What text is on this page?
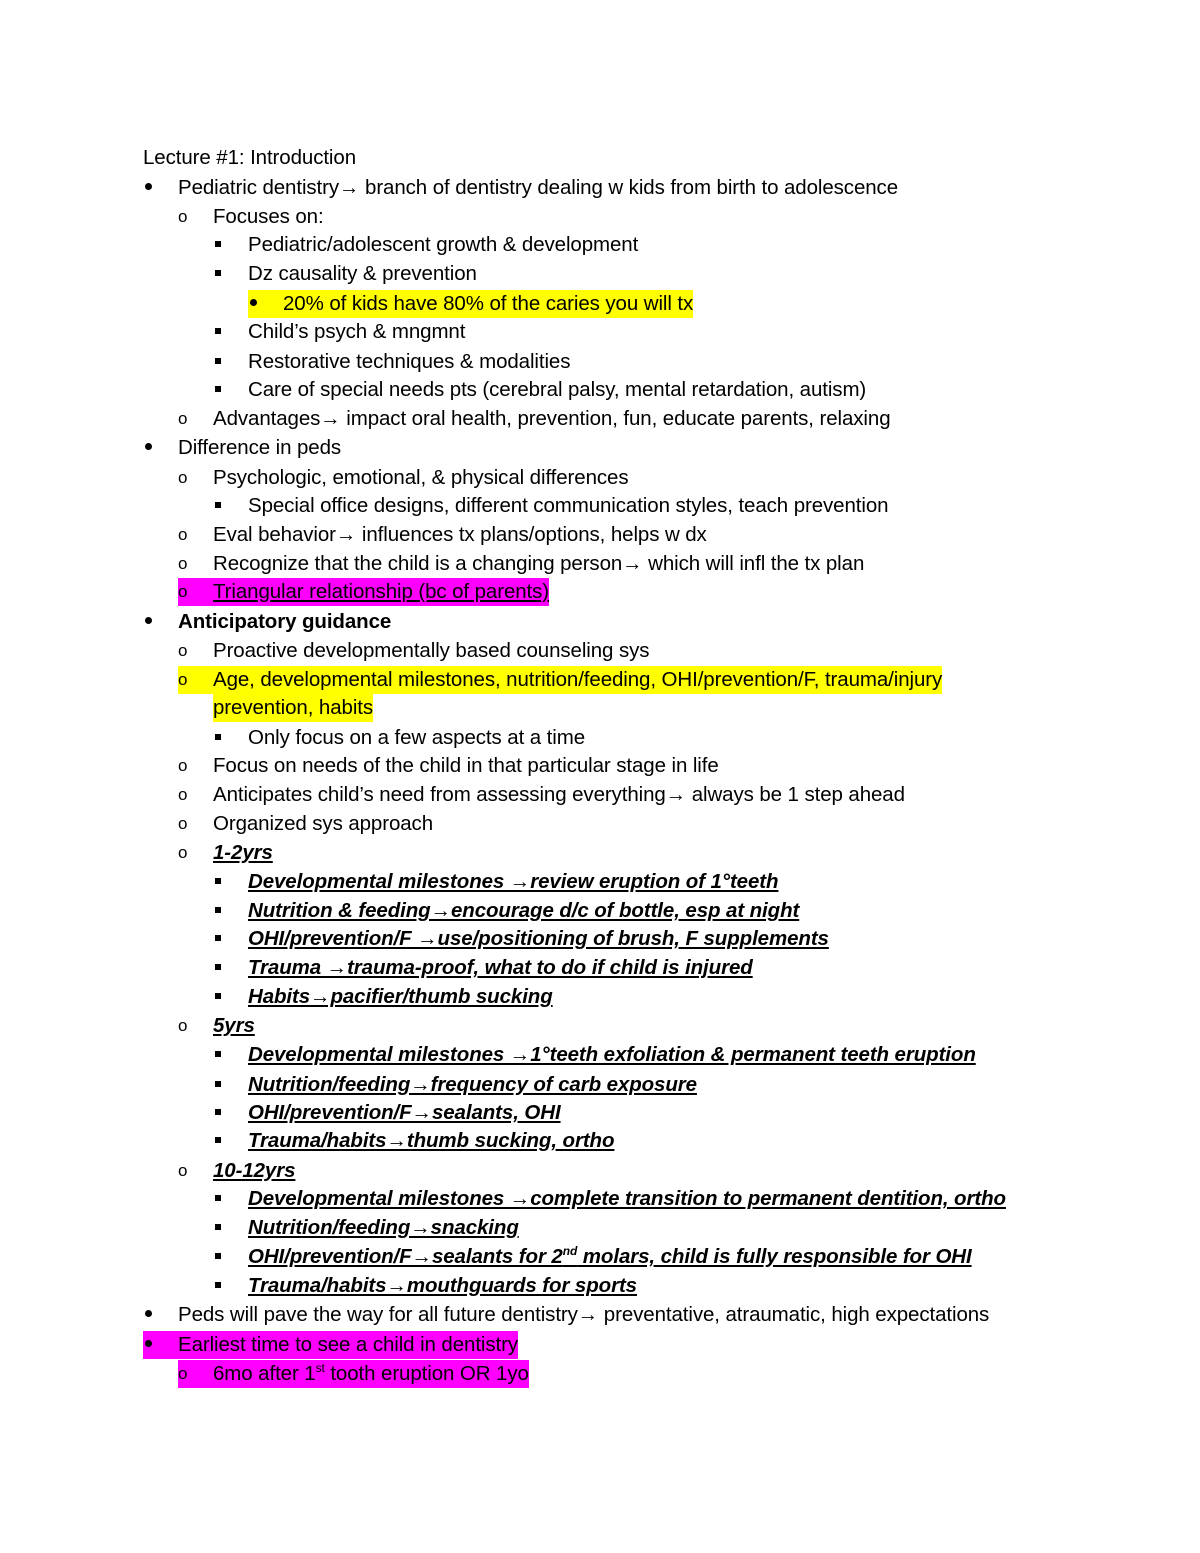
Lecture #1: Introduction
Pediatric dentistry→ branch of dentistry dealing w kids from birth to adolescence
o	Focuses on:
Pediatric/adolescent growth & development
Dz causality & prevention
20% of kids have 80% of the caries you will tx
Child’s psych & mngmnt
Restorative techniques & modalities
Care of special needs pts (cerebral palsy, mental retardation, autism)
o	Advantages→ impact oral health, prevention, fun, educate parents, relaxing
Difference in peds
o	Psychologic, emotional, & physical differences
Special office designs, different communication styles, teach prevention
o	Eval behavior→ influences tx plans/options, helps w dx
o	Recognize that the child is a changing person→ which will infl the tx plan
o	Triangular relationship (bc of parents)
Anticipatory guidance
o	Proactive developmentally based counseling sys
o	Age, developmental milestones, nutrition/feeding, OHI/prevention/F, trauma/injury
prevention, habits
Only focus on a few aspects at a time
o	Focus on needs of the child in that particular stage in life
o	Anticipates child’s need from assessing everything→ always be 1 step ahead
o	Organized sys approach
o	1-2yrs
Developmental milestones →review eruption of 1°teeth
Nutrition & feeding→encourage d/c of bottle, esp at night
OHI/prevention/F →use/positioning of brush, F supplements
Trauma →trauma-proof, what to do if child is injured
Habits→pacifier/thumb sucking
o	5yrs
Developmental milestones →1°teeth exfoliation & permanent teeth eruption
Nutrition/feeding→frequency of carb exposure
OHI/prevention/F→sealants, OHI
Trauma/habits→thumb sucking, ortho
o	10-12yrs
Developmental milestones →complete transition to permanent dentition, ortho
Nutrition/feeding→snacking
OHI/prevention/F→sealants for 2nd molars, child is fully responsible for OHI
Trauma/habits→mouthguards for sports
Peds will pave the way for all future dentistry→ preventative, atraumatic, high expectations
Earliest time to see a child in dentistry
o	6mo after 1st tooth eruption OR 1yo
